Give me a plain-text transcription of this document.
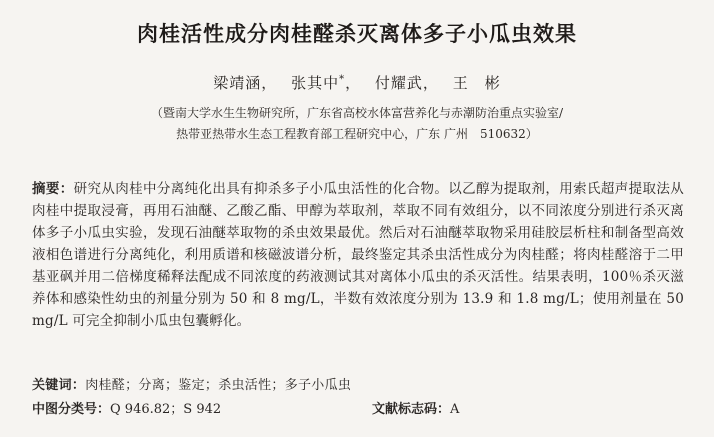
肉桂活性成分肉桂醛杀灭离体多子小瓜虫效果
梁靖涵， 张其中*， 付耀武， 王　彬
（暨南大学水生生物研究所，广东省高校水体富营养化与赤潮防治重点实验室/
热带亚热带水生态工程教育部工程研究中心，广东 广州　510632）
摘要：研究从肉桂中分离纯化出具有抑杀多子小瓜虫活性的化合物。以乙醇为提取剂，用索氏超声提取法从肉桂中提取浸膏，再用石油醚、乙酸乙酯、甲醇为萃取剂，萃取不同有效组分，以不同浓度分别进行杀灭离体多子小瓜虫实验，发现石油醚萃取物的杀虫效果最优。然后对石油醚萃取物采用硅胶层析柱和制备型高效液相色谱进行分离纯化，利用质谱和核磁波谱分析，最终鉴定其杀虫活性成分为肉桂醛；将肉桂醛溶于二甲基亚砜并用二倍梯度稀释法配成不同浓度的药液测试其对离体小瓜虫的杀灭活性。结果表明，100％杀灭滋养体和感染性幼虫的剂量分别为 50 和 8 mg/L，半数有效浓度分别为 13.9 和 1.8 mg/L；使用剂量在 50 mg/L 可完全抑制小瓜虫包囊孵化。
关键词：肉桂醛；分离；鉴定；杀虫活性；多子小瓜虫
中图分类号：Q 946.82；S 942	文献标志码：A
